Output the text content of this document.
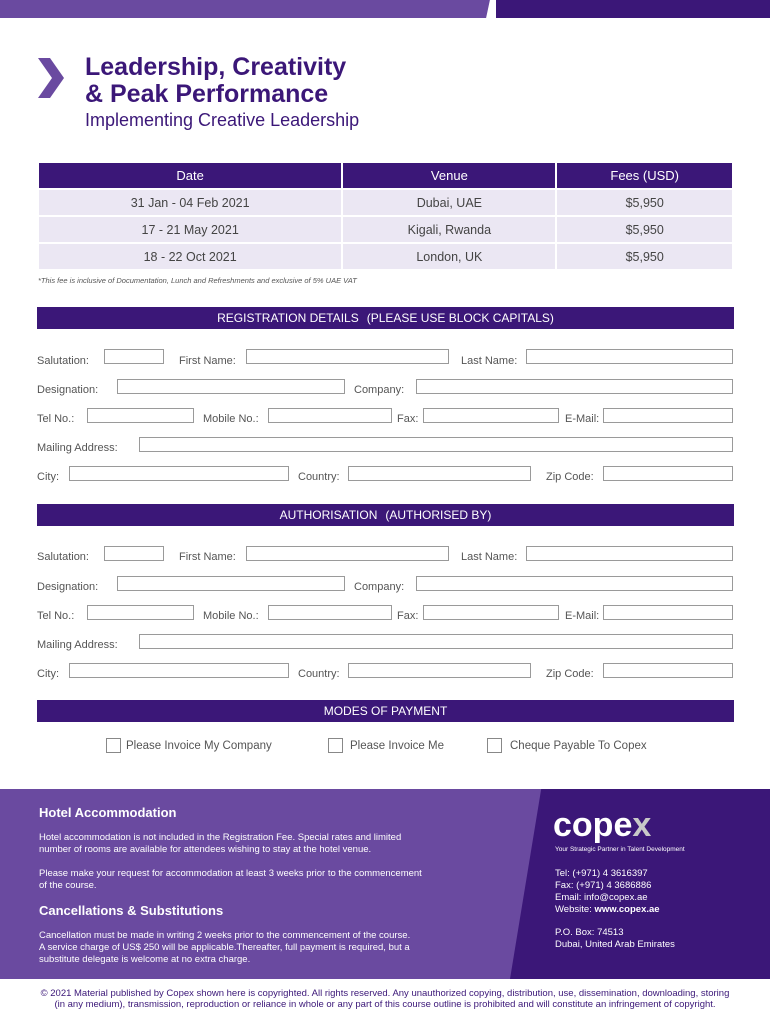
Leadership, Creativity
& Peak Performance
Implementing Creative Leadership
Date	Venue	Fees (USD)
31 Jan - 04 Feb 2021	Dubai, UAE	$5,950
17 - 21 May 2021	Kigali, Rwanda	$5,950
18 - 22 Oct 2021	London, UK	$5,950
*This fee is inclusive of Documentation, Lunch and Refreshments and exclusive of 5% UAE VAT
REGISTRATION DETAILS (PLEASE USE BLOCK CAPITALS)
Salutation:	First Name:	Last Name:
Designation:	Company:
Tel No.:	Mobile No.:	Fax:	E-Mail:
Mailing Address:
City:	Country:	Zip Code:
AUTHORISATION (AUTHORISED BY)
Salutation:	First Name:	Last Name:
Designation:	Company:
Tel No.:	Mobile No.:	Fax:	E-Mail:
Mailing Address:
City:	Country:	Zip Code:
MODES OF PAYMENT
Please Invoice My Company	Please Invoice Me	Cheque Payable To Copex
Hotel Accommodation
Hotel accommodation is not included in the Registration Fee. Special rates and limited
number of rooms are available for attendees wishing to stay at the hotel venue.
Please make your request for accommodation at least 3 weeks prior to the commencement
of the course.
Cancellations & Substitutions
Cancellation must be made in writing 2 weeks prior to the commencement of the course.
A service charge of US$ 250 will be applicable.Thereafter, full payment is required, but a
substitute delegate is welcome at no extra charge.
copex
Your Strategic Partner in Talent Development
Tel: (+971) 4 3616397
Fax: (+971) 4 3686886
Email: info@copex.ae
Website: www.copex.ae
P.O. Box: 74513
Dubai, United Arab Emirates
© 2021 Material published by Copex shown here is copyrighted. All rights reserved. Any unauthorized copying, distribution, use, dissemination, downloading, storing
(in any medium), transmission, reproduction or reliance in whole or any part of this course outline is prohibited and will constitute an infringement of copyright.
